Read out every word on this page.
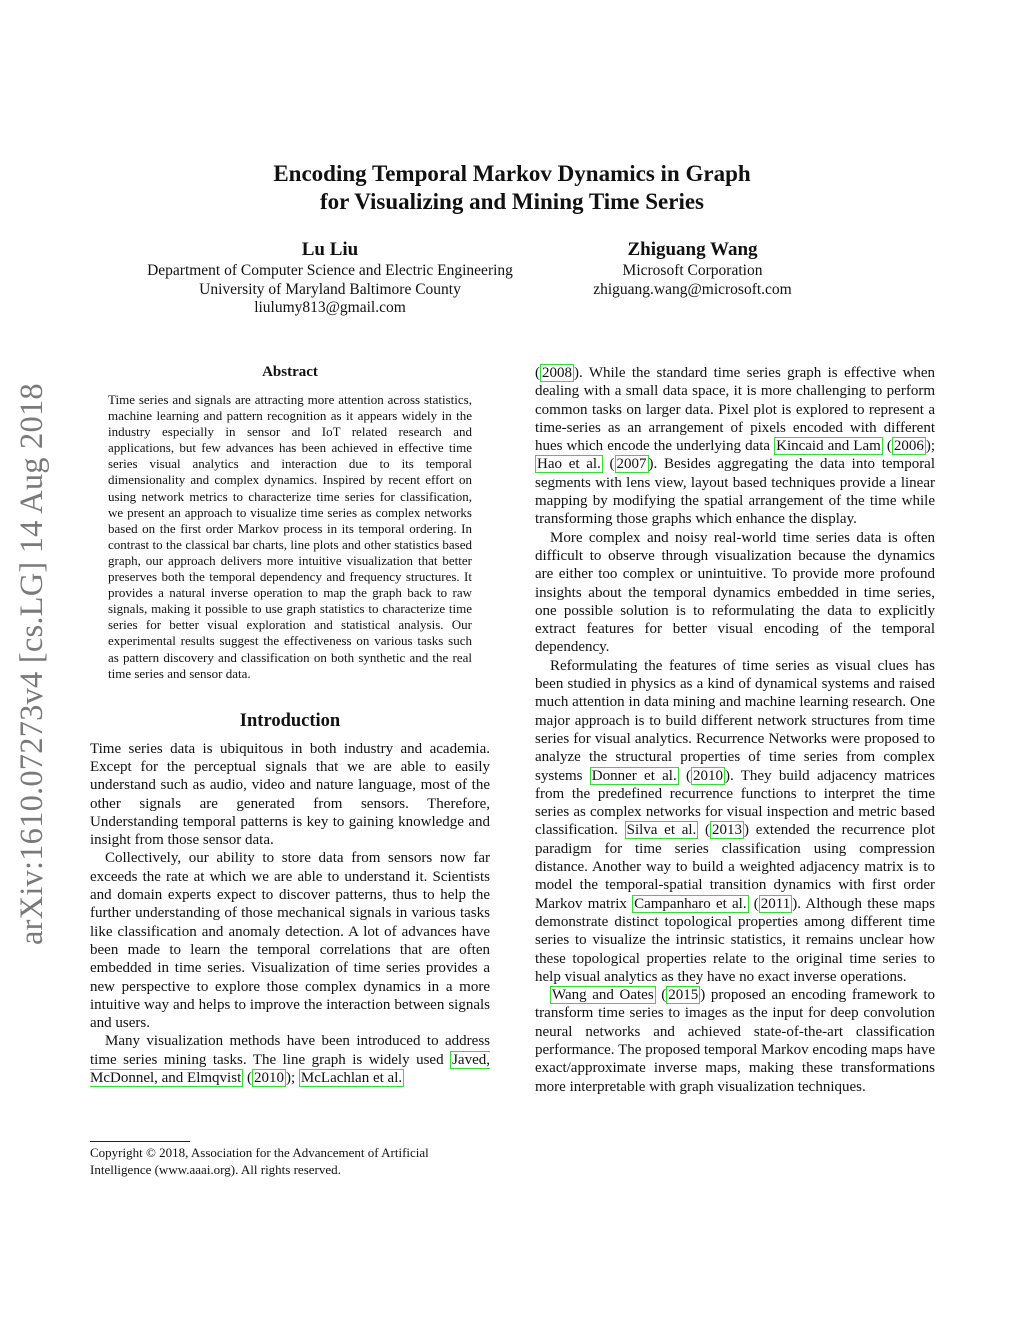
arXiv:1610.07273v4 [cs.LG] 14 Aug 2018
Encoding Temporal Markov Dynamics in Graph
for Visualizing and Mining Time Series
Lu Liu
Department of Computer Science and Electric Engineering
University of Maryland Baltimore County
liulumy813@gmail.com
Zhiguang Wang
Microsoft Corporation
zhiguang.wang@microsoft.com
Abstract

Time series and signals are attracting more attention across statistics, machine learning and pattern recognition as it appears widely in the industry especially in sensor and IoT related research and applications, but few advances has been achieved in effective time series visual analytics and interaction due to its temporal dimensionality and complex dynamics. Inspired by recent effort on using network metrics to characterize time series for classification, we present an approach to visualize time series as complex networks based on the first order Markov process in its temporal ordering. In contrast to the classical bar charts, line plots and other statistics based graph, our approach delivers more intuitive visualization that better preserves both the temporal dependency and frequency structures. It provides a natural inverse operation to map the graph back to raw signals, making it possible to use graph statistics to characterize time series for better visual exploration and statistical analysis. Our experimental results suggest the effectiveness on various tasks such as pattern discovery and classification on both synthetic and the real time series and sensor data.

Introduction

Time series data is ubiquitous in both industry and academia. Except for the perceptual signals that we are able to easily understand such as audio, video and nature language, most of the other signals are generated from sensors. Therefore, Understanding temporal patterns is key to gaining knowledge and insight from those sensor data.

Collectively, our ability to store data from sensors now far exceeds the rate at which we are able to understand it. Scientists and domain experts expect to discover patterns, thus to help the further understanding of those mechanical signals in various tasks like classification and anomaly detection. A lot of advances have been made to learn the temporal correlations that are often embedded in time series. Visualization of time series provides a new perspective to explore those complex dynamics in a more intuitive way and helps to improve the interaction between signals and users.

Many visualization methods have been introduced to address time series mining tasks. The line graph is widely used Javed, McDonnel, and Elmqvist ( 2010 ); McLachlan et al.

Copyright © 2018, Association for the Advancement of Artificial Intelligence (www.aaai.org). All rights reserved.

( 2008 ). While the standard time series graph is effective when dealing with a small data space, it is more challenging to perform common tasks on larger data. Pixel plot is explored to represent a time-series as an arrangement of pixels encoded with different hues which encode the underlying data Kincaid and Lam ( 2006 ); Hao et al. ( 2007 ). Besides aggregating the data into temporal segments with lens view, layout based techniques provide a linear mapping by modifying the spatial arrangement of the time while transforming those graphs which enhance the display.

More complex and noisy real-world time series data is often difficult to observe through visualization because the dynamics are either too complex or unintuitive. To provide more profound insights about the temporal dynamics embedded in time series, one possible solution is to reformulating the data to explicitly extract features for better visual encoding of the temporal dependency.

Reformulating the features of time series as visual clues has been studied in physics as a kind of dynamical systems and raised much attention in data mining and machine learning research. One major approach is to build different network structures from time series for visual analytics. Recurrence Networks were proposed to analyze the structural properties of time series from complex systems Donner et al. ( 2010 ). They build adjacency matrices from the predefined recurrence functions to interpret the time series as complex networks for visual inspection and metric based classification. Silva et al. ( 2013 ) extended the recurrence plot paradigm for time series classification using compression distance. Another way to build a weighted adjacency matrix is to model the temporal-spatial transition dynamics with first order Markov matrix Campanharo et al. ( 2011 ). Although these maps demonstrate distinct topological properties among different time series to visualize the intrinsic statistics, it remains unclear how these topological properties relate to the original time series to help visual analytics as they have no exact inverse operations.

Wang and Oates ( 2015 ) proposed an encoding framework to transform time series to images as the input for deep convolution neural networks and achieved state-of-the-art classification performance. The proposed temporal Markov encoding maps have exact/approximate inverse maps, making these transformations more interpretable with graph visualization techniques.
